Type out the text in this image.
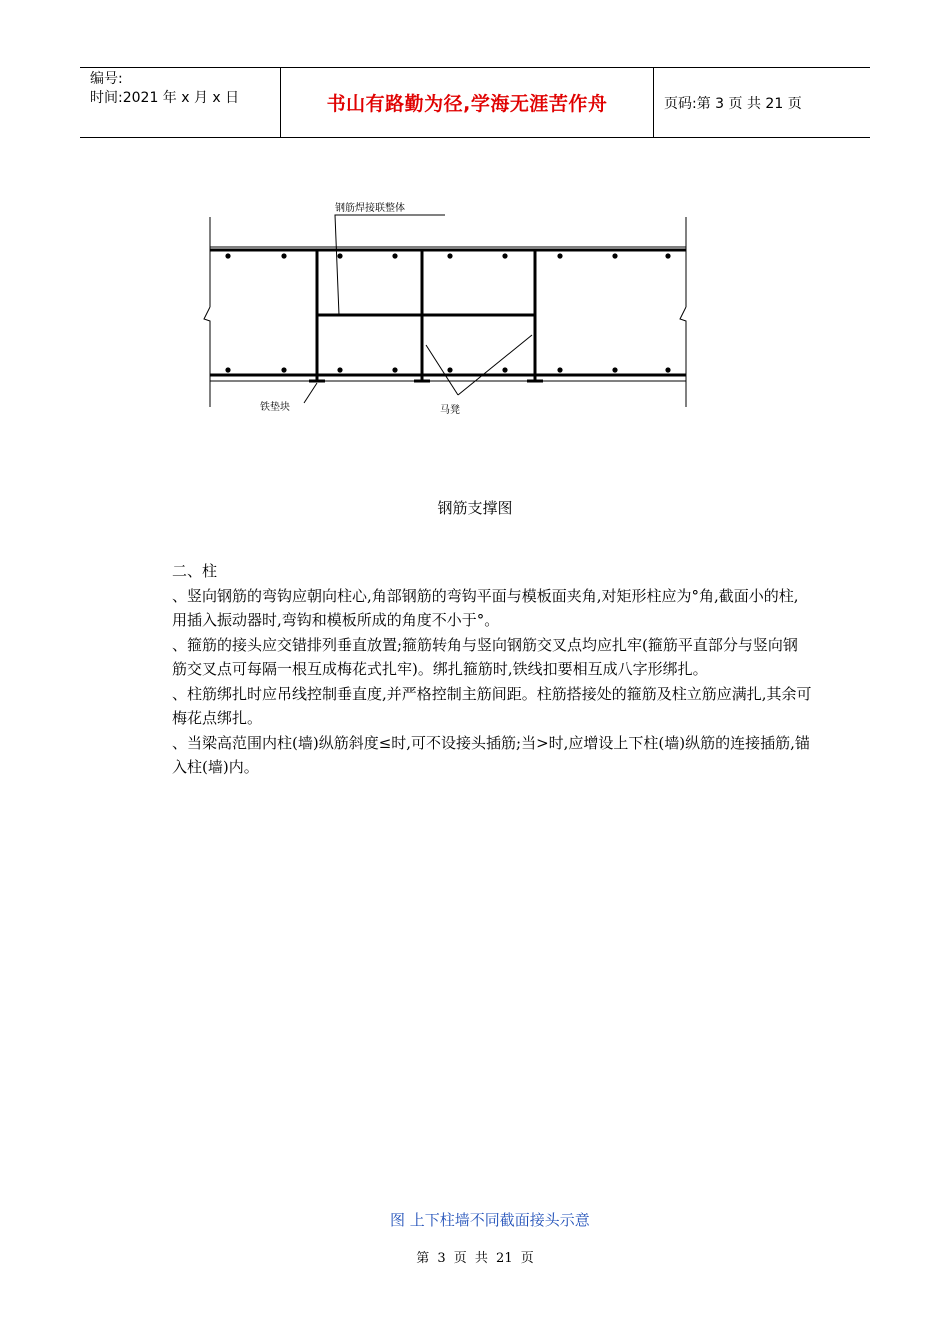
编号:
时间:2021 年 x 月 x 日	书山有路勤为径,学海无涯苦作舟	页码:第 3 页 共 21 页
钢筋焊接联整体
铁垫块	马凳
钢筋支撑图

二、柱

、竖向钢筋的弯钩应朝向柱心,角部钢筋的弯钩平面与模板面夹角,对矩形柱应为°角,截面小的柱,用插入振动器时,弯钩和模板所成的角度不小于°。

、箍筋的接头应交错排列垂直放置;箍筋转角与竖向钢筋交叉点均应扎牢(箍筋平直部分与竖向钢筋交叉点可每隔一根互成梅花式扎牢)。绑扎箍筋时,铁线扣要相互成八字形绑扎。

、柱筋绑扎时应吊线控制垂直度,并严格控制主筋间距。柱筋搭接处的箍筋及柱立筋应满扎,其余可梅花点绑扎。

、当梁高范围内柱(墙)纵筋斜度≤时,可不设接头插筋;当>时,应增设上下柱(墙)纵筋的连接插筋,锚入柱(墙)内。

图 上下柱墙不同截面接头示意
第 3 页 共 21 页
